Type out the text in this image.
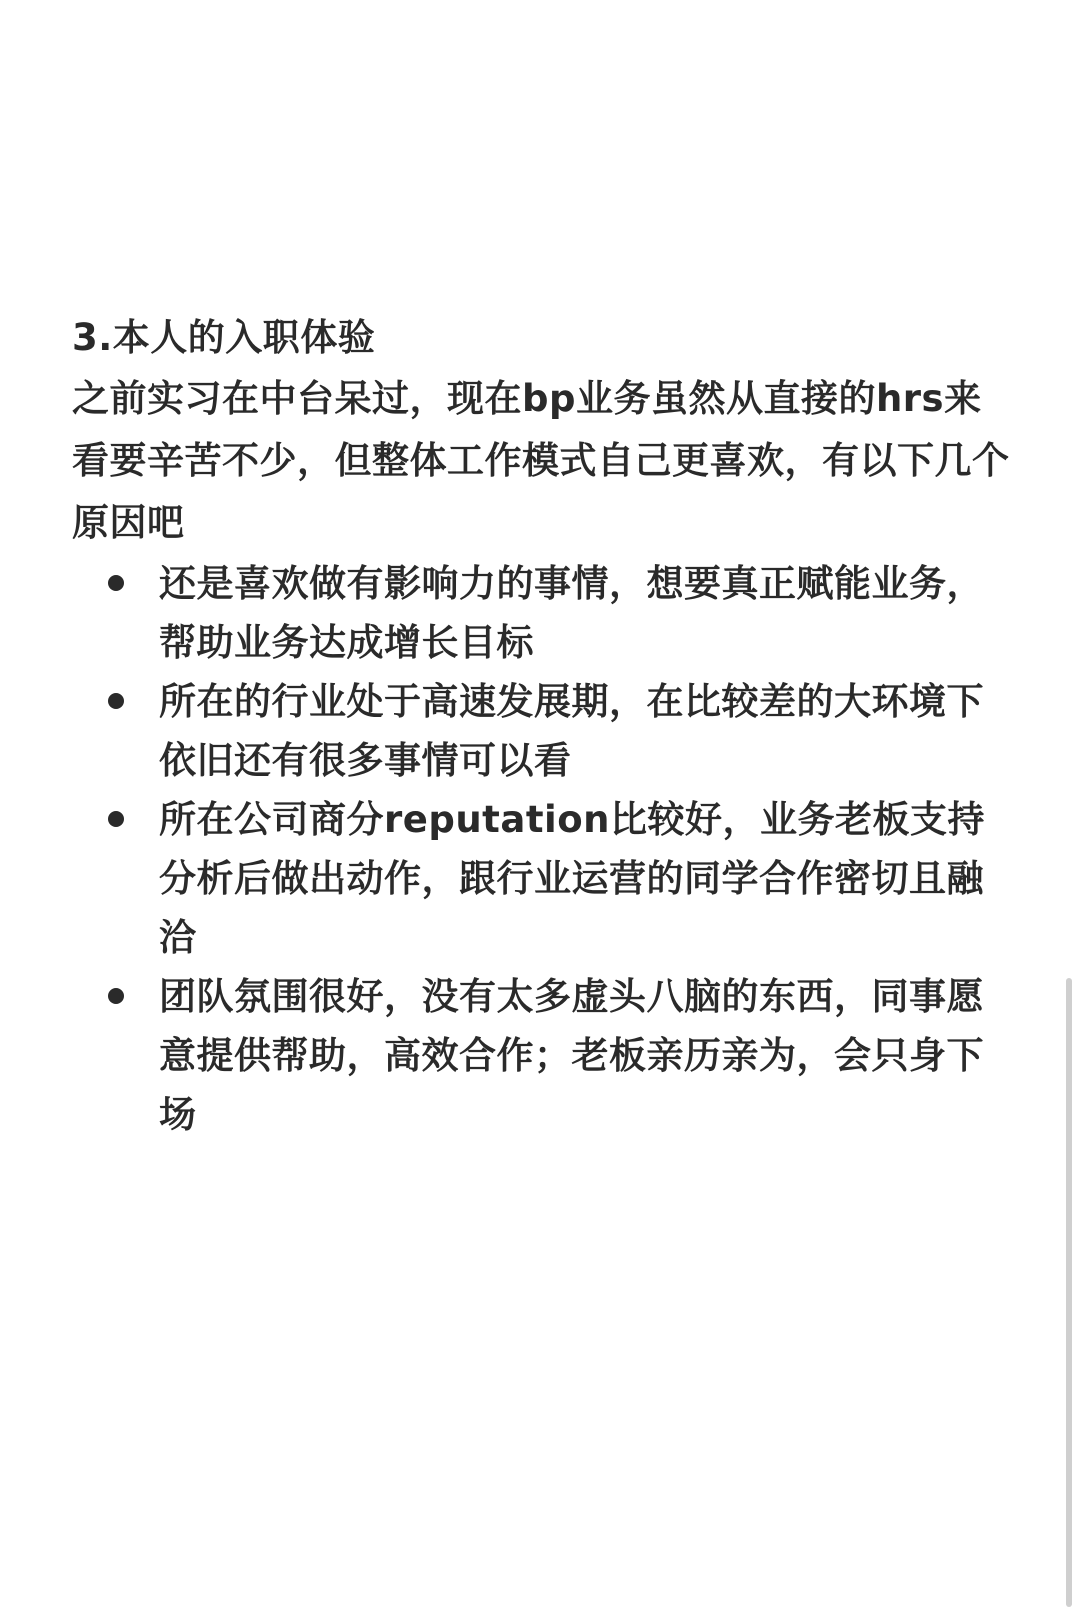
3.本人的入职体验

之前实习在中台呆过，现在bp业务虽然从直接的hrs来看要辛苦不少，但整体工作模式自己更喜欢，有以下几个原因吧

还是喜欢做有影响力的事情，想要真正赋能业务，帮助业务达成增长目标
所在的行业处于高速发展期，在比较差的大环境下依旧还有很多事情可以看
所在公司商分reputation比较好，业务老板支持分析后做出动作，跟行业运营的同学合作密切且融洽
团队氛围很好，没有太多虚头八脑的东西，同事愿意提供帮助，高效合作；老板亲历亲为，会只身下场
